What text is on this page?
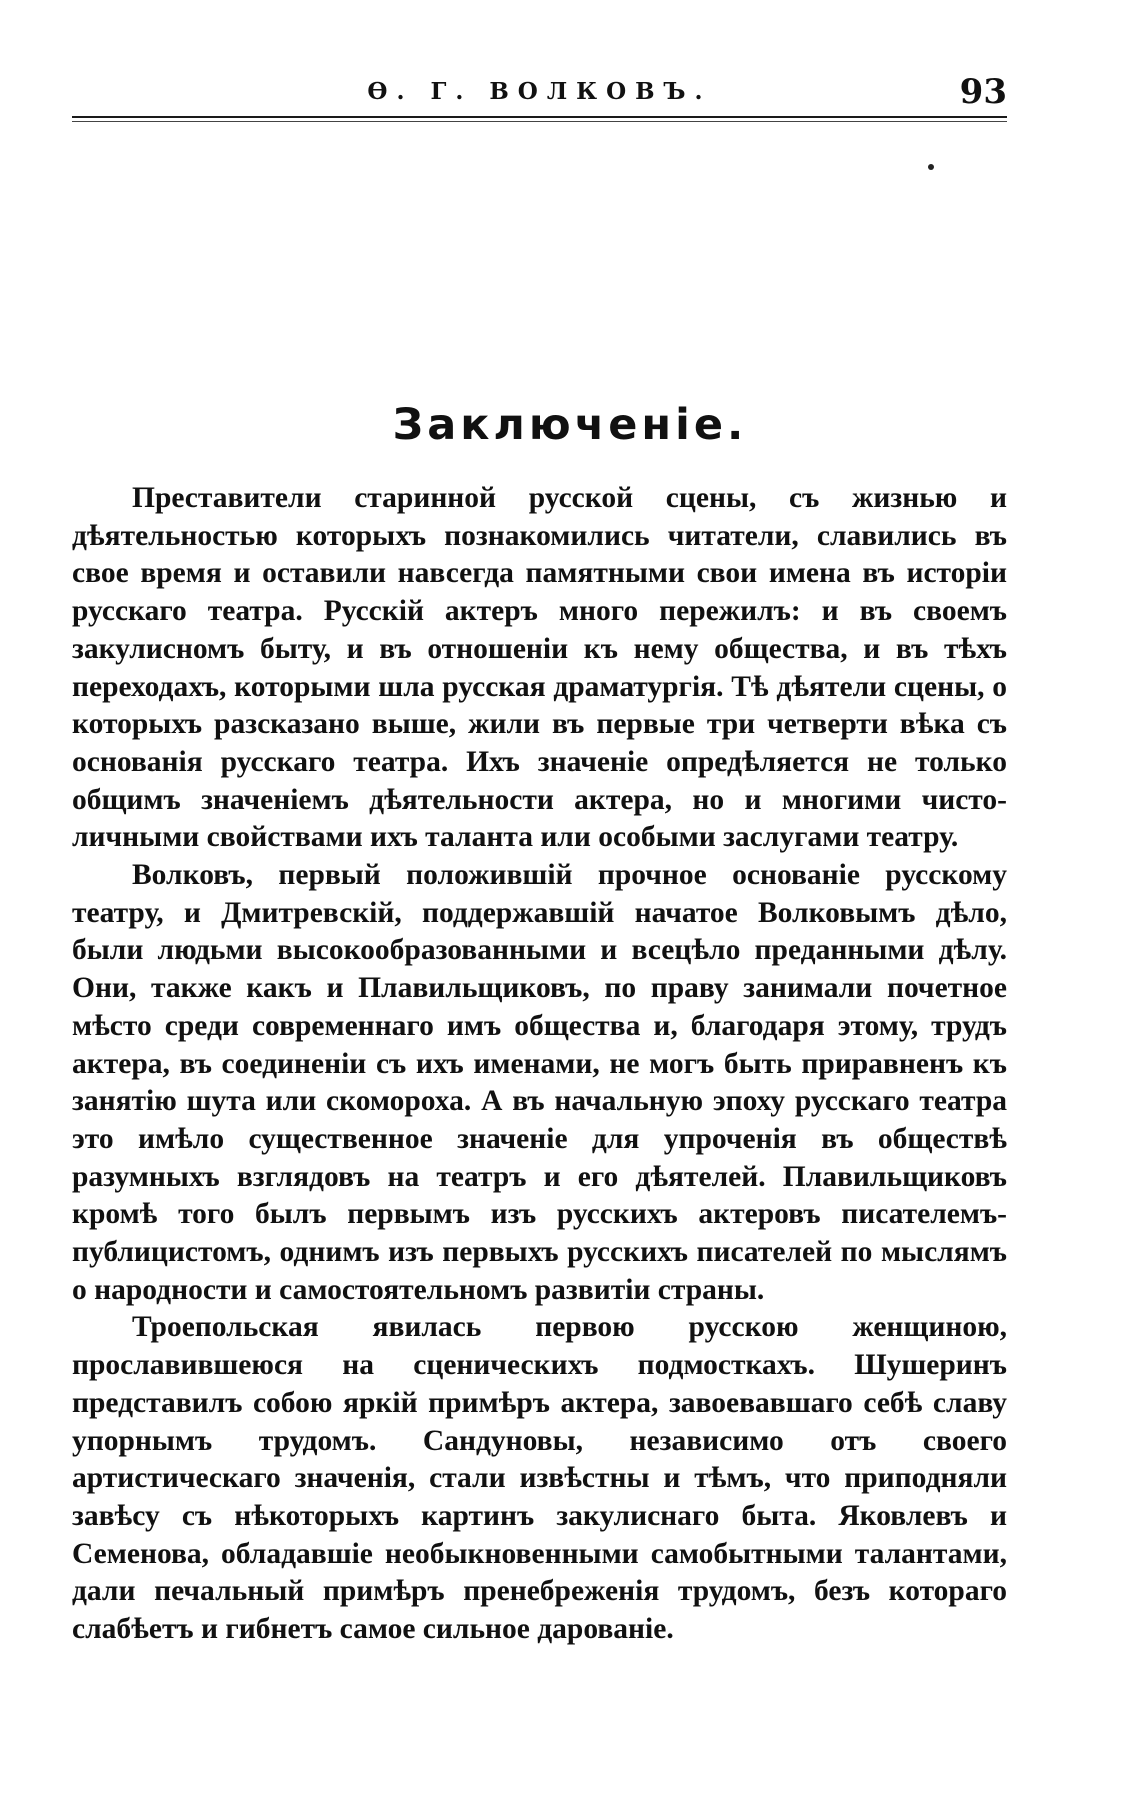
Ѳ. Г. ВОЛКОВЪ.	93
Заключенiе.

Преставители старинной русской сцены, съ жизнью и дѣятельностью которыхъ познакомились читатели, славились въ свое время и оставили навсегда памятными свои имена въ исторiи русскаго театра. Русскiй актеръ много пережилъ: и въ своемъ закулисномъ быту, и въ отношенiи къ нему общества, и въ тѣхъ переходахъ, которыми шла русская драматургiя. Тѣ дѣятели сцены, о которыхъ разсказано выше, жили въ первые три четверти вѣка съ основанiя русскаго театра. Ихъ значенiе опредѣляется не только общимъ значенiемъ дѣятельности актера, но и многими чисто-личными свойствами ихъ таланта или особыми заслугами театру.

Волковъ, первый положившiй прочное основанiе русскому театру, и Дмитревскiй, поддержавшiй начатое Волковымъ дѣло, были людьми высокообразованными и всецѣло преданными дѣлу. Они, также какъ и Плавильщиковъ, по праву занимали почетное мѣсто среди современнаго имъ общества и, благодаря этому, трудъ актера, въ соединенiи съ ихъ именами, не могъ быть приравненъ къ занятiю шута или скомороха. А въ начальную эпоху русскаго театра это имѣло существенное значенiе для упроченiя въ обществѣ разумныхъ взглядовъ на театръ и его дѣятелей. Плавильщиковъ кромѣ того былъ первымъ изъ русскихъ актеровъ писателемъ-публицистомъ, однимъ изъ первыхъ русскихъ писателей по мыслямъ о народности и самостоятельномъ развитiи страны.

Троепольская явилась первою русскою женщиною, прославившеюся на сценическихъ подмосткахъ. Шушеринъ представилъ собою яркiй примѣръ актера, завоевавшаго себѣ славу упорнымъ трудомъ. Сандуновы, независимо отъ своего артистическаго значенiя, стали извѣстны и тѣмъ, что приподняли завѣсу съ нѣкоторыхъ картинъ закулиснаго быта. Яковлевъ и Семенова, обладавшiе необыкновенными самобытными талантами, дали печальный примѣръ пренебреженiя трудомъ, безъ котораго слабѣетъ и гибнетъ самое сильное дарованiе.
